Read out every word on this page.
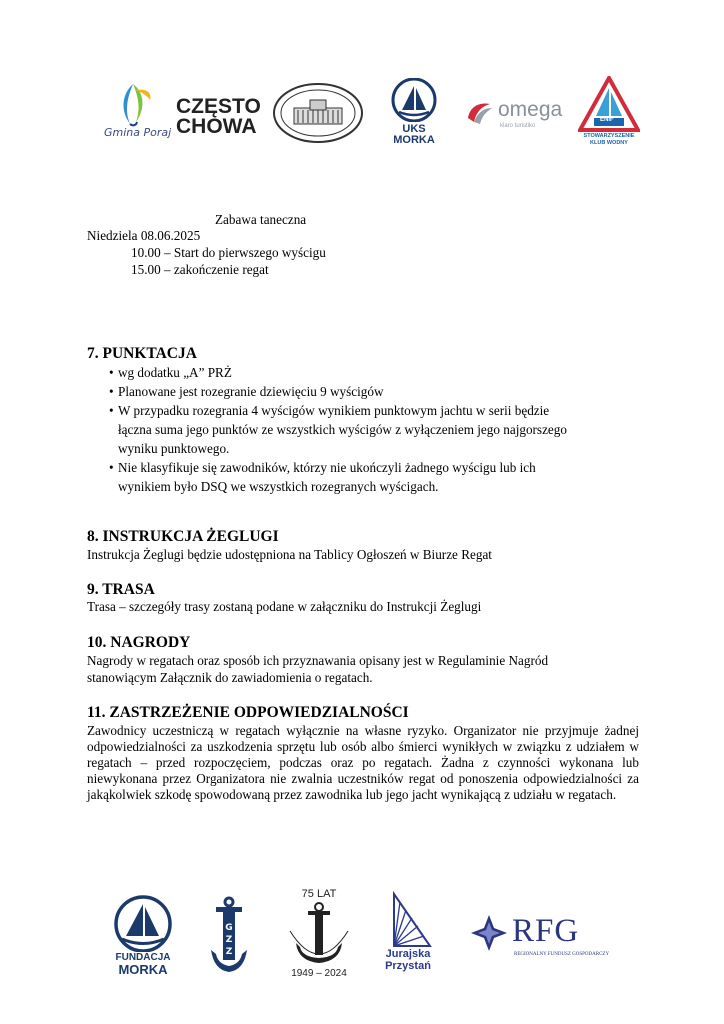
Gmina Poraj
CZĘSTO
CHOWA	UKS
MORKA
omega
klaro turistiko
ENIF
STOWARZYSZENIE
KLUB WODNY
Zabawa taneczna
Niedziela 08.06.2025
10.00 – Start do pierwszego wyścigu
15.00 – zakończenie regat
7. PUNKTACJA
• wg dodatku „A” PRŻ
• Planowane jest rozegranie dziewięciu 9 wyścigów
• W przypadku rozegrania 4 wyścigów wynikiem punktowym jachtu w serii będzie
łączna suma jego punktów ze wszystkich wyścigów z wyłączeniem jego najgorszego
wyniku punktowego.
• Nie klasyfikuje się zawodników, którzy nie ukończyli żadnego wyścigu lub ich
wynikiem było DSQ we wszystkich rozegranych wyścigach.
8. INSTRUKCJA ŻEGLUGI
Instrukcja Żeglugi będzie udostępniona na Tablicy Ogłoszeń w Biurze Regat
9. TRASA
Trasa – szczegóły trasy zostaną podane w załączniku do Instrukcji Żeglugi
10. NAGRODY
Nagrody w regatach oraz sposób ich przyznawania opisany jest w Regulaminie Nagród
stanowiącym Załącznik do zawiadomienia o regatach.
11. ZASTRZEŻENIE ODPOWIEDZIALNOŚCI
Zawodnicy uczestniczą w regatach wyłącznie na własne ryzyko. Organizator nie przyjmuje żadnej odpowiedzialności za uszkodzenia sprzętu lub osób albo śmierci wynikłych w związku z udziałem w regatach – przed rozpoczęciem, podczas oraz po regatach. Żadna z czynności wykonana lub niewykonana przez Organizatora nie zwalnia uczestników regat od ponoszenia odpowiedzialności za jakąkolwiek szkodę spowodowaną przez zawodnika lub jego jacht wynikającą z udziału w regatach.
FUNDACJA
MORKA
G
Z
Z
75 LAT
1949 – 2024
Jurajska
Przystań
RFG
REGIONALNY FUNDUSZ GOSPODARCZY
